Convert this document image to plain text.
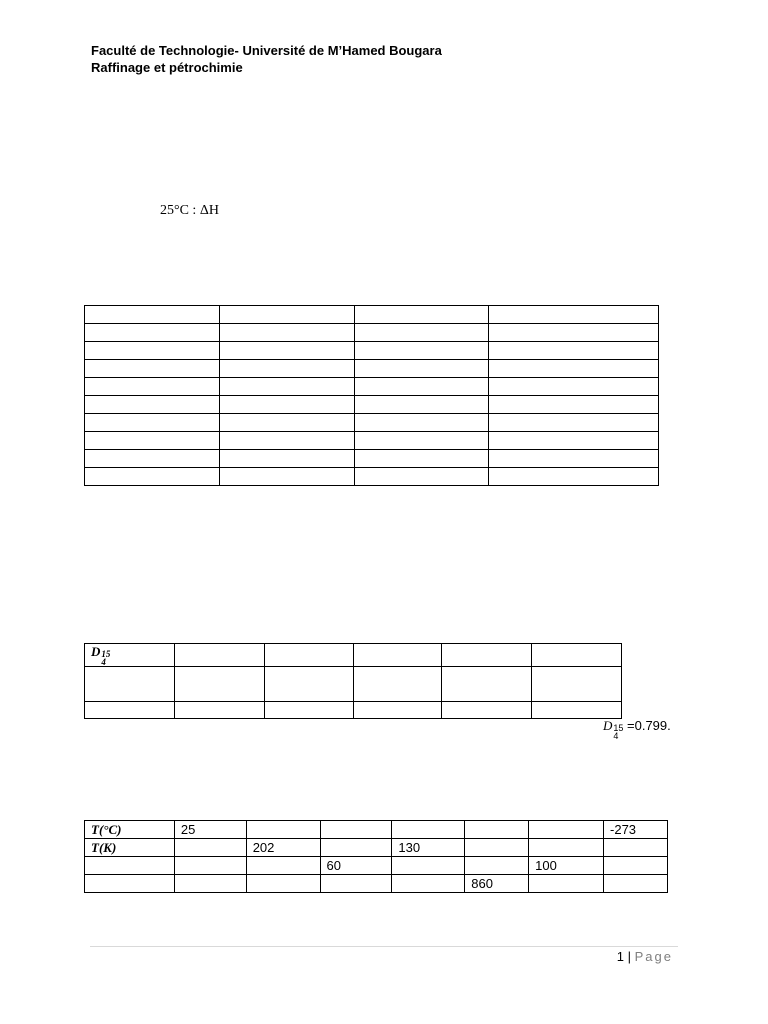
Faculté de Technologie- Université de M’Hamed Bougara
Raffinage et pétrochimie
25°C : ΔH

D 15
4					

D 15
4
=0.799.
T(°C)	25						-273
T(K)		202		130			
			60			100	
					860		
1 | Page
